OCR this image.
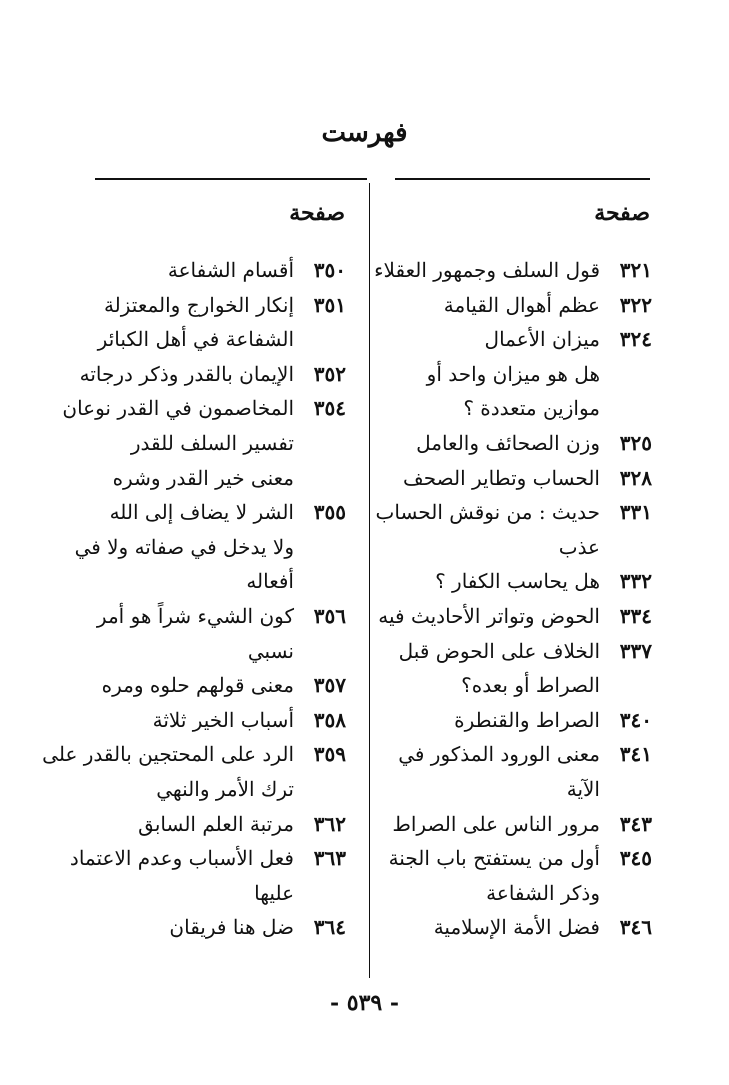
فهرست
صفحة
صفحة
٣٢١
قول السلف وجمهور العقلاء
٣٢٢
عظم أهوال القيامة
٣٢٤
ميزان الأعمال
هل هو ميزان واحد أو
موازين متعددة ؟
٣٢٥
وزن الصحائف والعامل
٣٢٨
الحساب وتطاير الصحف
٣٣١
حديث : من نوقش الحساب
عذب
٣٣٢
هل يحاسب الكفار ؟
٣٣٤
الحوض وتواتر الأحاديث فيه
٣٣٧
الخلاف على الحوض قبل
الصراط أو بعده؟
٣٤٠
الصراط والقنطرة
٣٤١
معنى الورود المذكور في
الآية
٣٤٣
مرور الناس على الصراط
٣٤٥
أول من يستفتح باب الجنة
وذكر الشفاعة
٣٤٦
فضل الأمة الإسلامية
٣٥٠
أقسام الشفاعة
٣٥١
إنكار الخوارج والمعتزلة
الشفاعة في أهل الكبائر
٣٥٢
الإيمان بالقدر وذكر درجاته
٣٥٤
المخاصمون في القدر نوعان
تفسير السلف للقدر
معنى خير القدر وشره
٣٥٥
الشر لا يضاف إلى الله
ولا يدخل في صفاته ولا في
أفعاله
٣٥٦
كون الشيء شراً هو أمر
نسبي
٣٥٧
معنى قولهم حلوه ومره
٣٥٨
أسباب الخير ثلاثة
٣٥٩
الرد على المحتجين بالقدر على
ترك الأمر والنهي
٣٦٢
مرتبة العلم السابق
٣٦٣
فعل الأسباب وعدم الاعتماد
عليها
٣٦٤
ضل هنا فريقان
- ٥٣٩ -
